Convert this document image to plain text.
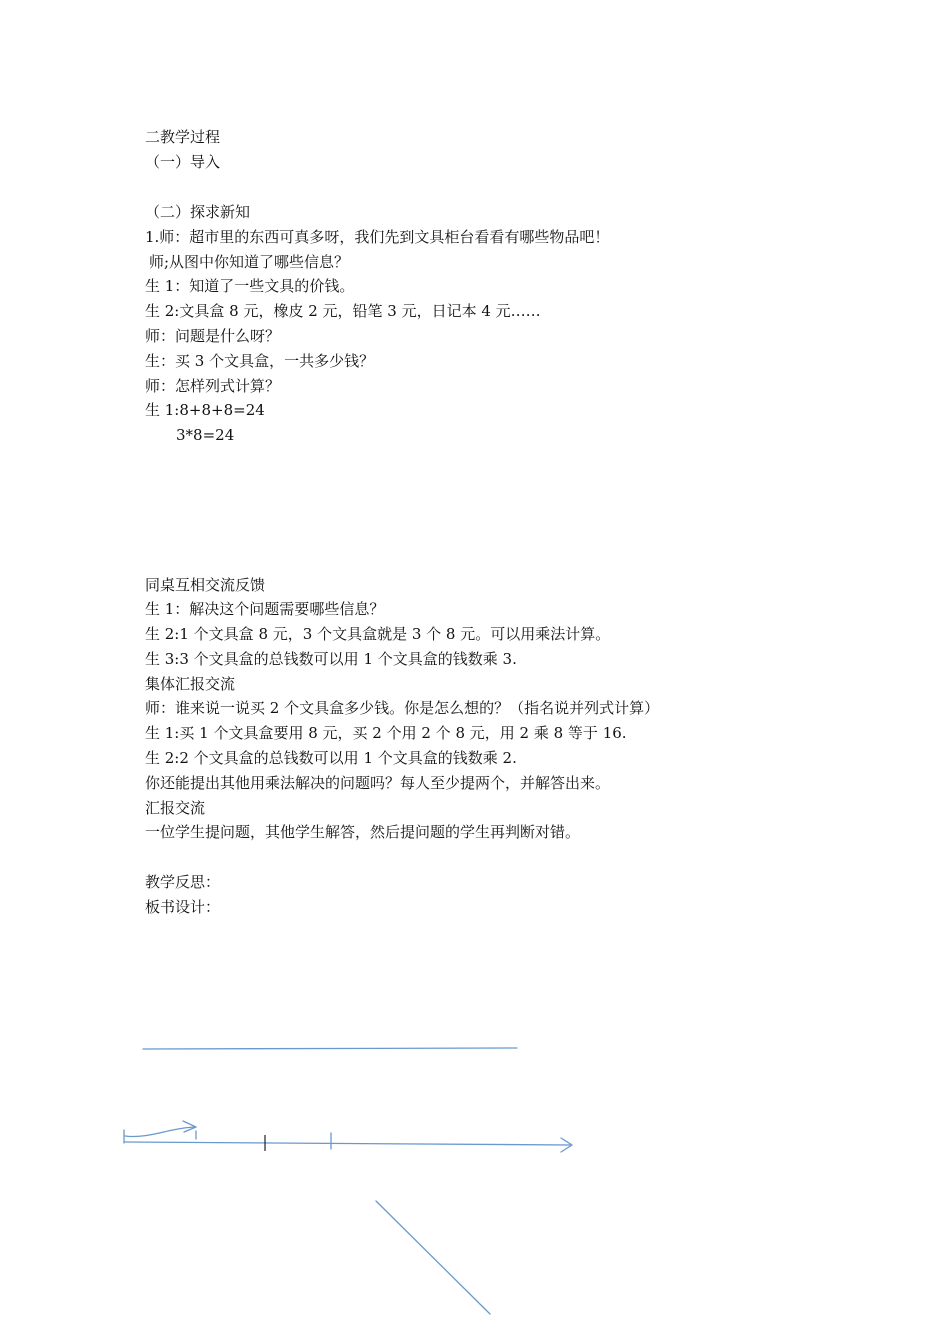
二教学过程
（一）导入
（二）探求新知
1.师：超市里的东西可真多呀，我们先到文具柜台看看有哪些物品吧！
师;从图中你知道了哪些信息？
生 1：知道了一些文具的价钱。
生 2:文具盒 8 元，橡皮 2 元，铅笔 3 元，日记本 4 元……
师：问题是什么呀？
生：买 3 个文具盒，一共多少钱？
师：怎样列式计算？
生 1:8+8+8=24
3*8=24
同桌互相交流反馈
生 1：解决这个问题需要哪些信息？
生 2:1 个文具盒 8 元，3 个文具盒就是 3 个 8 元。可以用乘法计算。
生 3:3 个文具盒的总钱数可以用 1 个文具盒的钱数乘 3.
集体汇报交流
师：谁来说一说买 2 个文具盒多少钱。你是怎么想的？（指名说并列式计算）
生 1:买 1 个文具盒要用 8 元，买 2 个用 2 个 8 元，用 2 乘 8 等于 16.
生 2:2 个文具盒的总钱数可以用 1 个文具盒的钱数乘 2.
你还能提出其他用乘法解决的问题吗？每人至少提两个，并解答出来。
汇报交流
一位学生提问题，其他学生解答，然后提问题的学生再判断对错。
教学反思：
板书设计：
